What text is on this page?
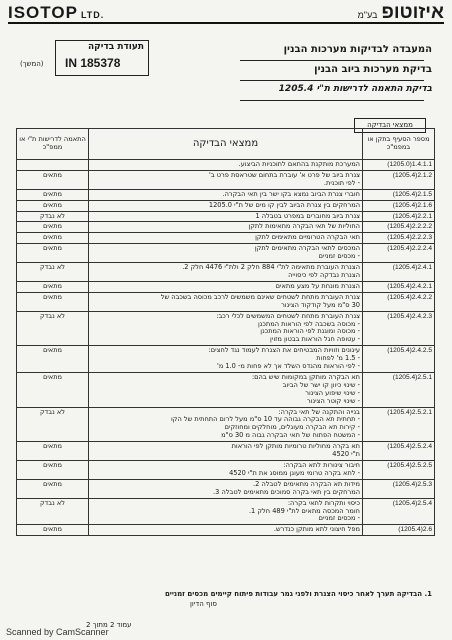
ISOTOP LTD.	איזוטופבע"מ
תעודת בדיקה
IN 185378
(המשך)
המעבדה לבדיקות מערכות הבנין
בדיקת מערכות ביוב הבנין
בדיקת התאמה לדרישות ת"י 1205.4
ממצאי הבדיקה
מספר הסעיף בתקן או במפמ"כ	ממצאי הבדיקה	התאמה לדרישות ת"י או ממפ"כ
1.4.1.1(1205.0)	המערכת מותקנת בהתאם לתוכניות הביצוע.	

2.1.2(1205.4)	צנרת ביוב של פרט א' עוברת בתחום שטראסת פרט ב'
- לפי תוכנית.	מתאים
2.1.5(1205.4)	חוברי צנרת הביוב נמצא בקו ישר בין תאי הבקרה.	מתאים
2.1.6(1205.4)	המרחקים בין צנרת הביוב לבין קו מים של ת"י 1205.0	מתאים
2.2.1(1205.4)	צנרת ביוב מחוברים במפרט בטבלה 1	לא נבדק
2.2.2.2(1205.4)	החוליות של תאי הבקרה מתאימות לתקן	מתאים
2.2.2.3(1205.4)	תאי הבקרה הטרומיים מתאימים לתקן	מתאים
2.2.2.4(1205.4)	המכסים לתאי הבקרה מתאימים לתקן
- מכסים זמניים	מתאים
2.4.1(1205.4)	הצנרת העוברת מתאימה לת"י 884 חלק 2 ולת"י 4476 חלק 2.
הצנרת נבדקה לפי כיסוייה	לא נבדק
2.4.2.1(1205.4)	הצנרת מונחת על מצע מתאים	מתאים
2.4.2.2(1205.4)	צנרת העוברת מתחת לשטחים שאינם משמשים לרכב מכוסה בשכבה של
30 ס"מ מעל קודקוד הצינור	מתאים
2.4.2.3(1205.4)	צנרת העוברת מתחת לשטחים המשמשים לכלי רכב:
- מכוסה בשכבה לפי הוראות המתכנן
- מכוסה ומוגנת לפי הוראות המתכנן
- עטופה חגל הוראות בבטון מזוין	לא נבדק
2.4.2.5(1205.4)	עיגונים וזוויות המבטיחים את הצנרת לעמוד נגד לחצים:
- 1.5 מ' לפחות
- לפי הוראות מהנדס השלד אך לא פחות מ- 1.0 מ'	מתאים
2.5.1(1205.4)	תא הבקרה מותקן במקומות שיש בהם:
- שינוי כיוון קו ישר של הביוב
- שינוי שיפוע הצינור
- שינוי קוטר הצינור	מתאים
2.5.2.1(1205.4)	בנייה והתקנה של תאי בקרה:
- תחתית תא הבקרה גבוהה עד 10 ס"מ מעל לרום התחתית של הקו
- קירות תא הבקרה מעוגלים, מוחלקים ומחוזקים
- המשטח הפתוח של תאי הבקרה גבוה מ 30 ס"מ	לא נבדק
2.5.2.4(1205.4)	תא בקרה מחוליות טרומיות מותקן לפי הוראות
ת"י 4520	מתאים
2.5.2.5(1205.4)	חיבור צינורות לתא הבקרה:
- לתא בקרה טרומי מעוגן ממוסג את ת"י 4520	מתאים
2.5.3(1205.4)	מידות תא הבקרה מתאימים לטבלה 2.
המרחקים בין תאי בקרה סמוכים מתאימים לטבלה 3.	מתאים
2.5.4(1205.4)	כיסוי ותקרות לתאי בקרה:
חומר המכסה מתאים לת"י 489 חלק 1.
- מכסים זמניים	לא נבדק
2.6(1205.4)	מפל חיצוני לתא מותקן כנדרש.	מתאים
1. הבדיקה תערך לאחר כיסוי הצנרת ולפני גמר עבודות פיתוח קיימים מכסים זמניים
סוף הדיון
עמוד 2 מתוך 2
Scanned by CamScanner
